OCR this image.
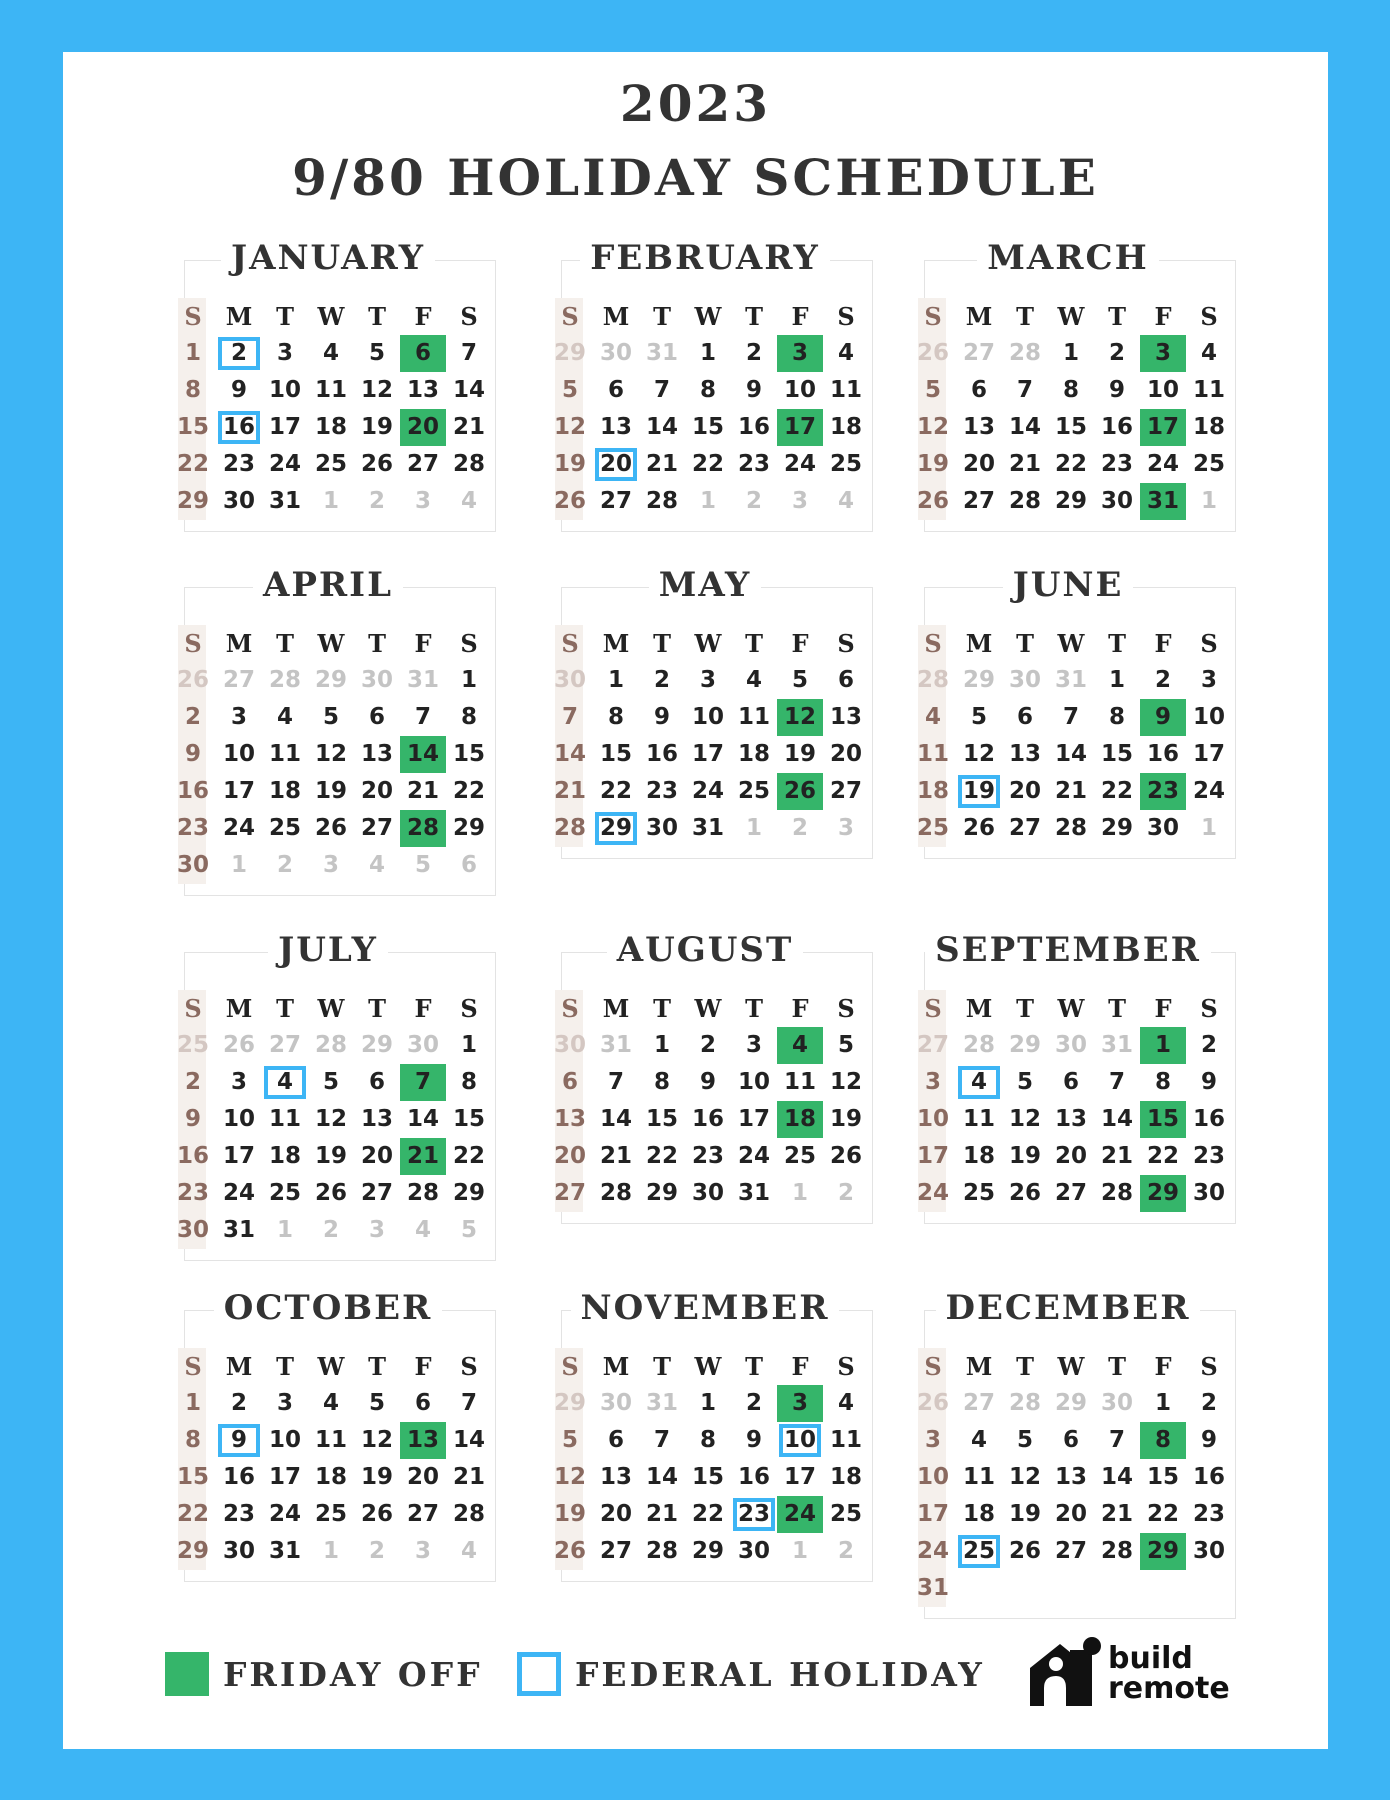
2023
9/80 HOLIDAY SCHEDULE
JANUARY
S	M T W T	F	S
1	2	3	4	5	6	7
8	9 10 11 12 13 14
15 16 17 18 19 20 21
22 23 24 25 26 27 28
29 30 31 1	2	3	4
FEBRUARY
S	M T W T	F	S
29 30 31 1	2	3	4
5	6	7	8	9 10 11
12 13 14 15 16 17 18
19 20 21 22 23 24 25
26 27 28 1	2	3	4
MARCH
S	M T W T	F	S
26 27 28 1	2	3	4
5	6	7	8	9 10 11
12 13 14 15 16 17 18
19 20 21 22 23 24 25
26 27 28 29 30 31 1
APRIL
S	M T W T	F	S
26 27 28 29 30 31 1
2	3	4	5	6	7	8
9 10 11 12 13 14 15
16 17 18 19 20 21 22
23 24 25 26 27 28 29
30 1	2	3	4	5	6
MAY
S	M T W T	F	S
30 1	2	3	4	5	6
7	8	9 10 11 12 13
14 15 16 17 18 19 20
21 22 23 24 25 26 27
28 29 30 31 1	2	3
JUNE
S	M T W T	F	S
28 29 30 31 1	2	3
4	5	6	7	8	9 10
11 12 13 14 15 16 17
18 19 20 21 22 23 24
25 26 27 28 29 30 1
JULY
S	M T W T	F	S
25 26 27 28 29 30 1
2	3	4	5	6	7	8
9 10 11 12 13 14 15
16 17 18 19 20 21 22
23 24 25 26 27 28 29
30 31 1	2	3	4	5
AUGUST
S	M T W T	F	S
30 31 1	2	3	4	5
6	7	8	9 10 11 12
13 14 15 16 17 18 19
20 21 22 23 24 25 26
27 28 29 30 31 1	2
SEPTEMBER
S	M T W T	F	S
27 28 29 30 31 1	2
3	4	5	6	7	8	9
10 11 12 13 14 15 16
17 18 19 20 21 22 23
24 25 26 27 28 29 30
OCTOBER
S	M T W T	F	S
1	2	3	4	5	6	7
8	9 10 11 12 13 14
15 16 17 18 19 20 21
22 23 24 25 26 27 28
29 30 31 1	2	3	4
NOVEMBER
S	M T W T	F	S
29 30 31 1	2	3	4
5	6	7	8	9 10 11
12 13 14 15 16 17 18
19 20 21 22 23 24 25
26 27 28 29 30 1	2
DECEMBER
S	M T W T	F	S
26 27 28 29 30 1	2
3	4	5	6	7	8	9
10 11 12 13 14 15 16
17 18 19 20 21 22 23
24 25 26 27 28 29 30
31
FRIDAY OFF	FEDERAL HOLIDAY	build
remote
